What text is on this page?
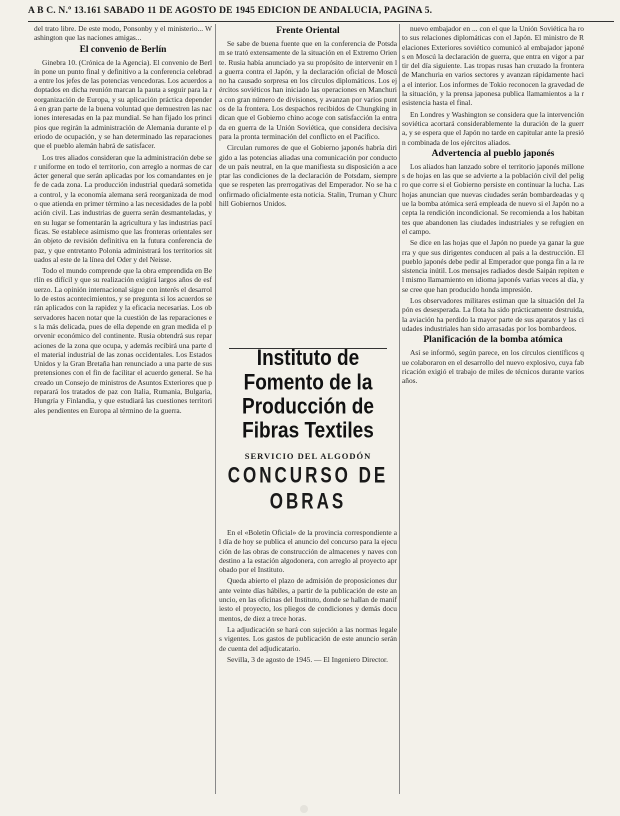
A B C. N.º 13.161 SÁBADO 11 DE AGOSTO DE 1945 EDICIÓN DE ANDALUCÍA, PÁGINA 5.

del trato libre. De este modo, Ponsonby y el ministerio... Washington que las naciones amigas...

El convenio de Berlín

Ginebra 10. (Crónica de la Agencia). El convenio de Berlín pone un punto final y definitivo a la conferencia celebrada entre los jefes de las potencias vencedoras. Los acuerdos adoptados en dicha reunión marcan la pauta a seguir para la reorganización de Europa, y su aplicación práctica dependerá en gran parte de la buena voluntad que demuestren las naciones interesadas en la paz mundial. Se han fijado los principios que regirán la administración de Alemania durante el periodo de ocupación, y se han determinado las reparaciones que el pueblo alemán habrá de satisfacer.

Los tres aliados consideran que la administración debe ser uniforme en todo el territorio, con arreglo a normas de carácter general que serán aplicadas por los comandantes en jefe de cada zona. La producción industrial quedará sometida a control, y la economía alemana será reorganizada de modo que atienda en primer término a las necesidades de la población civil. Las industrias de guerra serán desmanteladas, y en su lugar se fomentarán la agricultura y las industrias pacíficas. Se establece asimismo que las fronteras orientales serán objeto de revisión definitiva en la futura conferencia de paz, y que entretanto Polonia administrará los territorios situados al este de la línea del Oder y del Neisse.

Todo el mundo comprende que la obra emprendida en Berlín es difícil y que su realización exigirá largos años de esfuerzo. La opinión internacional sigue con interés el desarrollo de estos acontecimientos, y se pregunta si los acuerdos serán aplicados con la rapidez y la eficacia necesarias. Los observadores hacen notar que la cuestión de las reparaciones es la más delicada, pues de ella depende en gran medida el porvenir económico del continente. Rusia obtendrá sus reparaciones de la zona que ocupa, y además recibirá una parte del material industrial de las zonas occidentales. Los Estados Unidos y la Gran Bretaña han renunciado a una parte de sus pretensiones con el fin de facilitar el acuerdo general. Se ha creado un Consejo de ministros de Asuntos Exteriores que preparará los tratados de paz con Italia, Rumania, Bulgaria, Hungría y Finlandia, y que estudiará las cuestiones territoriales pendientes en Europa al término de la guerra.

Frente Oriental

Se sabe de buena fuente que en la conferencia de Potsdam se trató extensamente de la situación en el Extremo Oriente. Rusia había anunciado ya su propósito de intervenir en la guerra contra el Japón, y la declaración oficial de Moscú no ha causado sorpresa en los círculos diplomáticos. Los ejércitos soviéticos han iniciado las operaciones en Manchuria con gran número de divisiones, y avanzan por varios puntos de la frontera. Los despachos recibidos de Chungking indican que el Gobierno chino acoge con satisfacción la entrada en guerra de la Unión Soviética, que considera decisiva para la pronta terminación del conflicto en el Pacífico.

Circulan rumores de que el Gobierno japonés habría dirigido a las potencias aliadas una comunicación por conducto de un país neutral, en la que manifiesta su disposición a aceptar las condiciones de la declaración de Potsdam, siempre que se respeten las prerrogativas del Emperador. No se ha confirmado oficialmente esta noticia. Stalin, Truman y Churchill Gobiernos Unidos.

Instituto de Fomento de la Producción de Fibras Textiles
SERVICIO DEL ALGODÓN
CONCURSO DE OBRAS

En el «Boletín Oficial» de la provincia correspondiente al día de hoy se publica el anuncio del concurso para la ejecución de las obras de construcción de almacenes y naves con destino a la estación algodonera, con arreglo al proyecto aprobado por el Instituto.

Queda abierto el plazo de admisión de proposiciones durante veinte días hábiles, a partir de la publicación de este anuncio, en las oficinas del Instituto, donde se hallan de manifiesto el proyecto, los pliegos de condiciones y demás documentos, de diez a trece horas.

La adjudicación se hará con sujeción a las normas legales vigentes. Los gastos de publicación de este anuncio serán de cuenta del adjudicatario.

Sevilla, 3 de agosto de 1945. — El Ingeniero Director.

nuevo embajador en ... con el que la Unión Soviética ha roto sus relaciones diplomáticas con el Japón. El ministro de Relaciones Exteriores soviético comunicó al embajador japonés en Moscú la declaración de guerra, que entra en vigor a partir del día siguiente. Las tropas rusas han cruzado la frontera de Manchuria en varios sectores y avanzan rápidamente hacia el interior. Los informes de Tokio reconocen la gravedad de la situación, y la prensa japonesa publica llamamientos a la resistencia hasta el final.

En Londres y Washington se considera que la intervención soviética acortará considerablemente la duración de la guerra, y se espera que el Japón no tarde en capitular ante la presión combinada de los ejércitos aliados.

Advertencia al pueblo japonés

Los aliados han lanzado sobre el territorio japonés millones de hojas en las que se advierte a la población civil del peligro que corre si el Gobierno persiste en continuar la lucha. Las hojas anuncian que nuevas ciudades serán bombardeadas y que la bomba atómica será empleada de nuevo si el Japón no acepta la rendición incondicional. Se recomienda a los habitantes que abandonen las ciudades industriales y se refugien en el campo.

Se dice en las hojas que el Japón no puede ya ganar la guerra y que sus dirigentes conducen al país a la destrucción. El pueblo japonés debe pedir al Emperador que ponga fin a la resistencia inútil. Los mensajes radiados desde Saipán repiten el mismo llamamiento en idioma japonés varias veces al día, y se cree que han producido honda impresión.

Los observadores militares estiman que la situación del Japón es desesperada. La flota ha sido prácticamente destruida, la aviación ha perdido la mayor parte de sus aparatos y las ciudades industriales han sido arrasadas por los bombardeos.

Planificación de la bomba atómica

Así se informó, según parece, en los círculos científicos que colaboraron en el desarrollo del nuevo explosivo, cuya fabricación exigió el trabajo de miles de técnicos durante varios años.
